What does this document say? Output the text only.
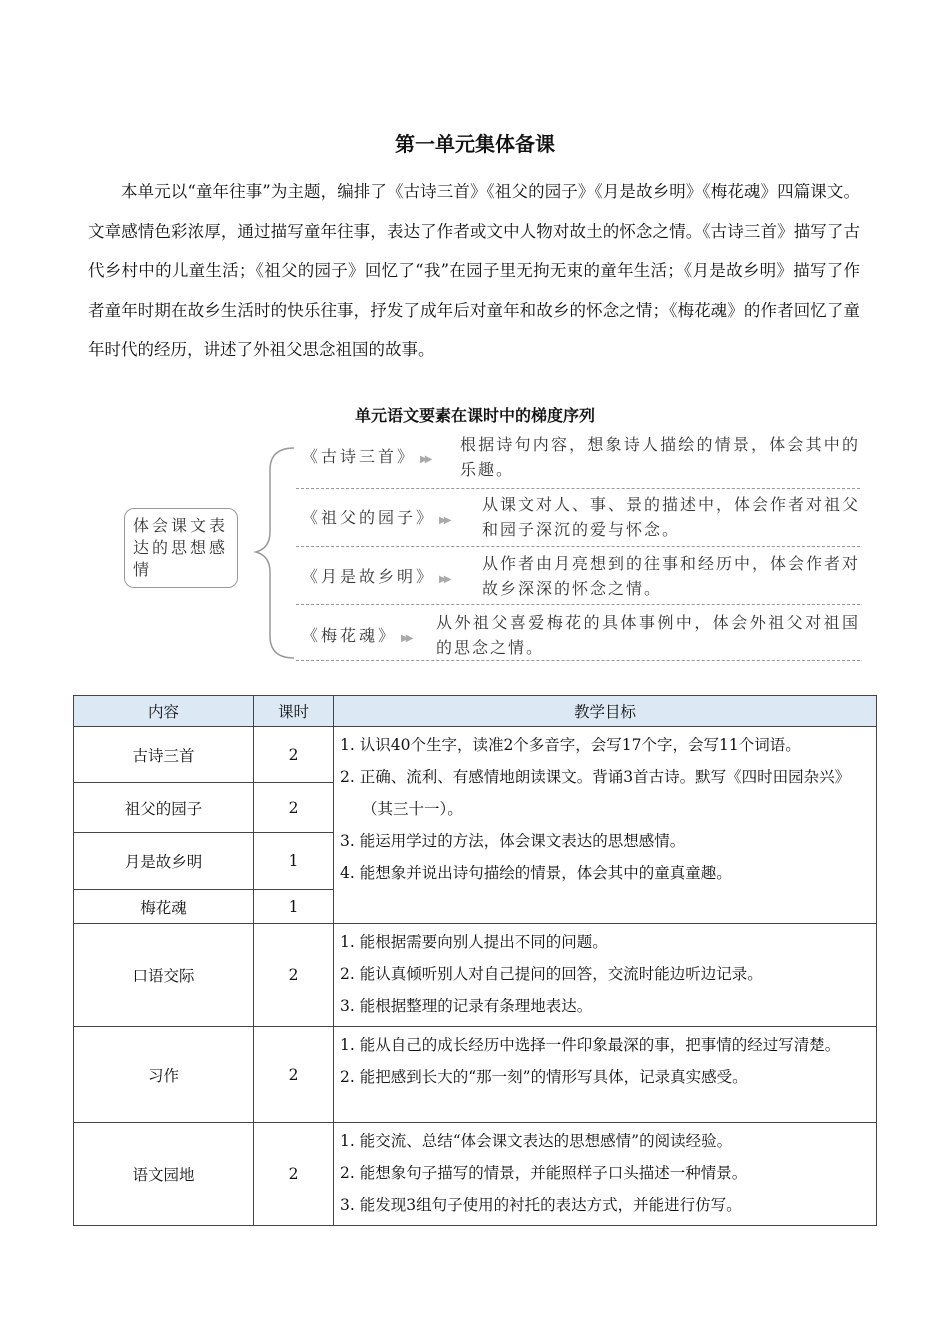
第一单元集体备课

本单元以“童年往事”为主题，编排了《古诗三首》《祖父的园子》《月是故乡明》《梅花魂》四篇课文。文章感情色彩浓厚，通过描写童年往事，表达了作者或文中人物对故土的怀念之情。《古诗三首》描写了古代乡村中的儿童生活；《祖父的园子》回忆了“我”在园子里无拘无束的童年生活；《月是故乡明》描写了作者童年时期在故乡生活时的快乐往事，抒发了成年后对童年和故乡的怀念之情；《梅花魂》的作者回忆了童年时代的经历，讲述了外祖父思念祖国的故事。

单元语文要素在课时中的梯度序列
体会课文表达的思想感情
《古诗三首》 ▶▶
根据诗句内容，想象诗人描绘的情景，体会其中的乐趣。
《祖父的园子》 ▶▶
从课文对人、事、景的描述中，体会作者对祖父和园子深沉的爱与怀念。
《月是故乡明》 ▶▶
从作者由月亮想到的往事和经历中，体会作者对故乡深深的怀念之情。
《梅花魂》 ▶▶
从外祖父喜爱梅花的具体事例中，体会外祖父对祖国的思念之情。
内容	课时	教学目标
古诗三首	2	1. 认识40个生字，读准2个多音字，会写17个字，会写11个词语。
2. 正确、流利、有感情地朗读课文。背诵3首古诗。默写《四时田园杂兴》（其三十一）。
3. 能运用学过的方法，体会课文表达的思想感情。
4. 能想象并说出诗句描绘的情景，体会其中的童真童趣。

祖父的园子	2	
月是故乡明	1	
梅花魂	1	
口语交际	2	1. 能根据需要向别人提出不同的问题。
2. 能认真倾听别人对自己提问的回答，交流时能边听边记录。
3. 能根据整理的记录有条理地表达。

习作	2	1. 能从自己的成长经历中选择一件印象最深的事，把事情的经过写清楚。
2. 能把感到长大的“那一刻”的情形写具体，记录真实感受。

语文园地	2	1. 能交流、总结“体会课文表达的思想感情”的阅读经验。
2. 能想象句子描写的情景，并能照样子口头描述一种情景。
3. 能发现3组句子使用的衬托的表达方式，并能进行仿写。
